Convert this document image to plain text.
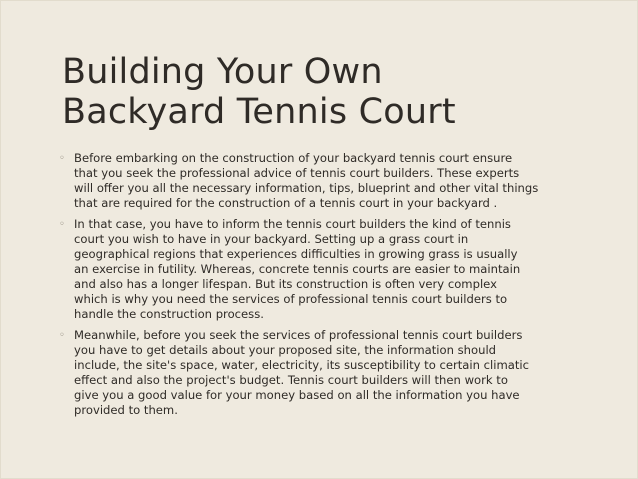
Building Your Own
Backyard Tennis Court
◦ Before embarking on the construction of your backyard tennis court ensure
that you seek the professional advice of tennis court builders. These experts
will offer you all the necessary information, tips, blueprint and other vital things
that are required for the construction of a tennis court in your backyard .
◦ In that case, you have to inform the tennis court builders the kind of tennis
court you wish to have in your backyard. Setting up a grass court in
geographical regions that experiences difficulties in growing grass is usually
an exercise in futility. Whereas, concrete tennis courts are easier to maintain
and also has a longer lifespan. But its construction is often very complex
which is why you need the services of professional tennis court builders to
handle the construction process.
◦ Meanwhile, before you seek the services of professional tennis court builders
you have to get details about your proposed site, the information should
include, the site's space, water, electricity, its susceptibility to certain climatic
effect and also the project's budget. Tennis court builders will then work to
give you a good value for your money based on all the information you have
provided to them.
